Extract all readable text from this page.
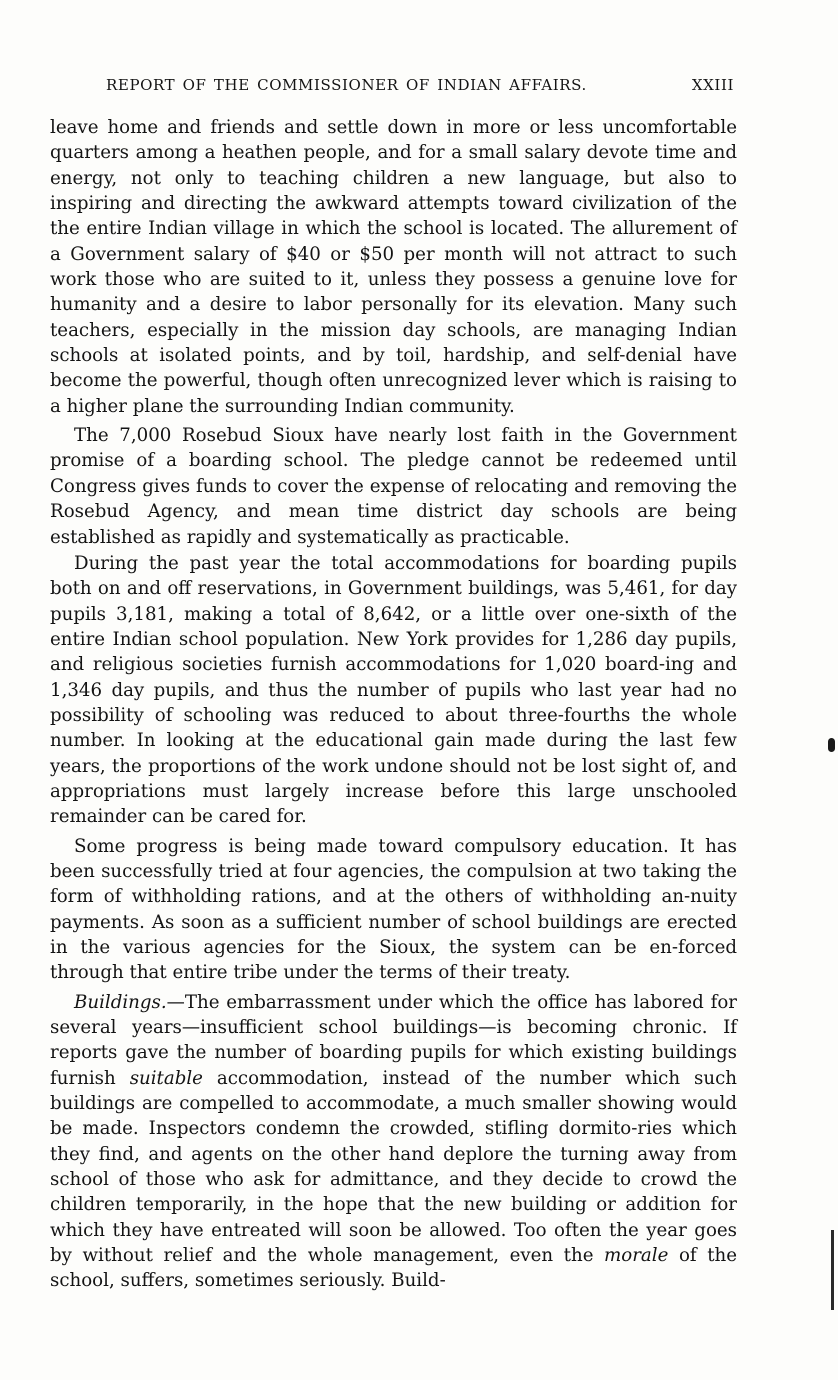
REPORT OF THE COMMISSIONER OF INDIAN AFFAIRS.	XXIII

leave home and friends and settle down in more or less uncomfortable quarters among a heathen people, and for a small salary devote time and energy, not only to teaching children a new language, but also to inspiring and directing the awkward attempts toward civilization of the the entire Indian village in which the school is located. The allurement of a Government salary of $40 or $50 per month will not attract to such work those who are suited to it, unless they possess a genuine love for humanity and a desire to labor personally for its elevation. Many such teachers, especially in the mission day schools, are managing Indian schools at isolated points, and by toil, hardship, and self-denial have become the powerful, though often unrecognized lever which is raising to a higher plane the surrounding Indian community.

The 7,000 Rosebud Sioux have nearly lost faith in the Government promise of a boarding school. The pledge cannot be redeemed until Congress gives funds to cover the expense of relocating and removing the Rosebud Agency, and mean time district day schools are being established as rapidly and systematically as practicable.

During the past year the total accommodations for boarding pupils both on and off reservations, in Government buildings, was 5,461, for day pupils 3,181, making a total of 8,642, or a little over one-sixth of the entire Indian school population. New York provides for 1,286 day pupils, and religious societies furnish accommodations for 1,020 board-ing and 1,346 day pupils, and thus the number of pupils who last year had no possibility of schooling was reduced to about three-fourths the whole number. In looking at the educational gain made during the last few years, the proportions of the work undone should not be lost sight of, and appropriations must largely increase before this large unschooled remainder can be cared for.

Some progress is being made toward compulsory education. It has been successfully tried at four agencies, the compulsion at two taking the form of withholding rations, and at the others of withholding an-nuity payments. As soon as a sufficient number of school buildings are erected in the various agencies for the Sioux, the system can be en-forced through that entire tribe under the terms of their treaty.

Buildings.—The embarrassment under which the office has labored for several years—insufficient school buildings—is becoming chronic. If reports gave the number of boarding pupils for which existing buildings furnish suitable accommodation, instead of the number which such buildings are compelled to accommodate, a much smaller showing would be made. Inspectors condemn the crowded, stifling dormito-ries which they find, and agents on the other hand deplore the turning away from school of those who ask for admittance, and they decide to crowd the children temporarily, in the hope that the new building or addition for which they have entreated will soon be allowed. Too often the year goes by without relief and the whole management, even the morale of the school, suffers, sometimes seriously. Build-
